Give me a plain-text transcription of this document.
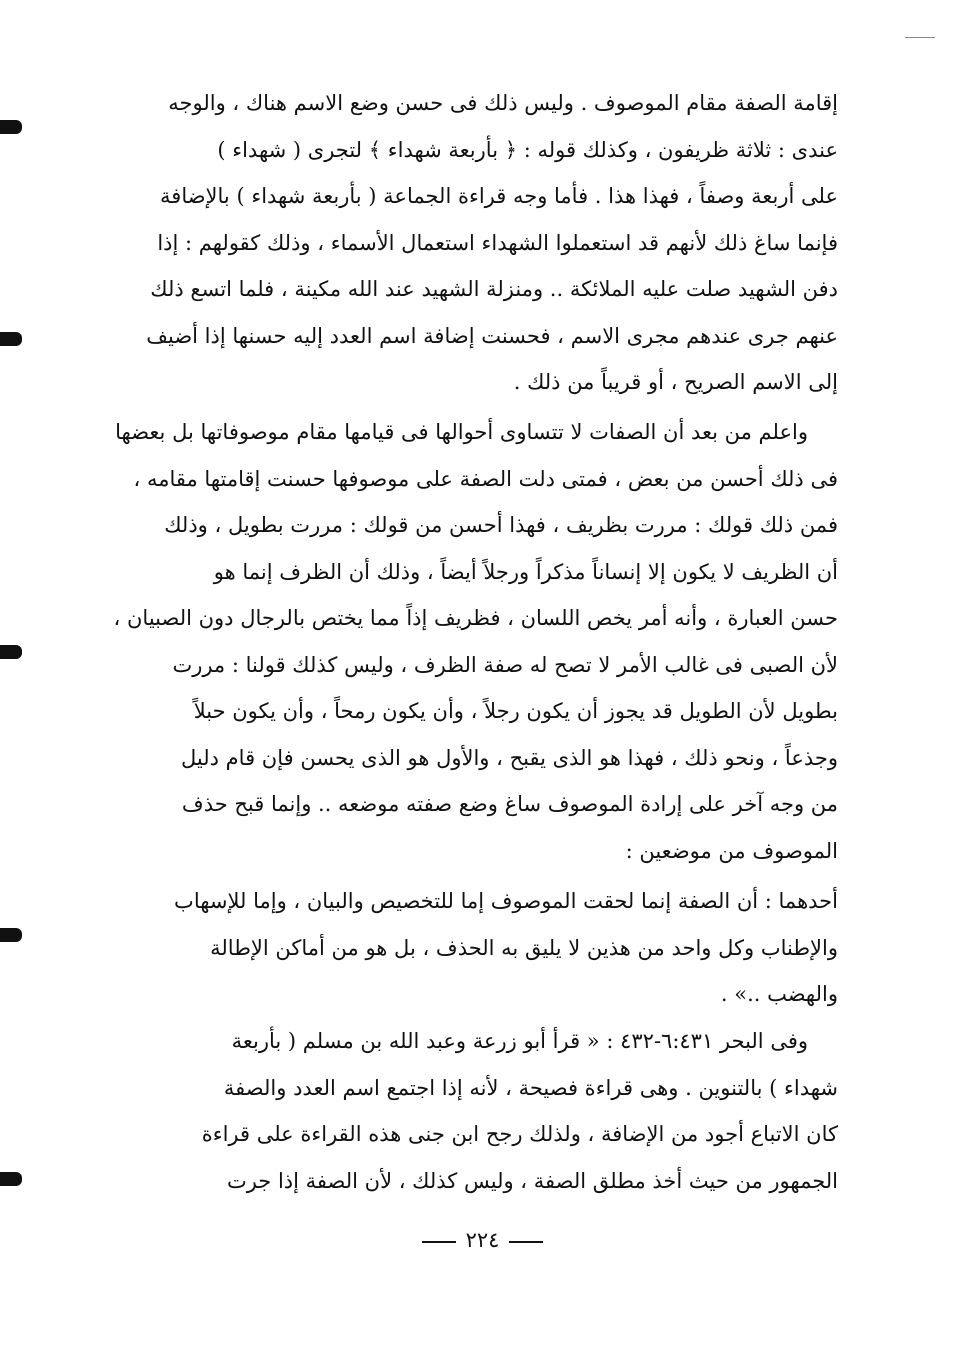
إقامة الصفة مقام الموصوف . وليس ذلك فى حسن وضع الاسم هناك ، والوجه
عندى : ثلاثة ظريفون ، وكذلك قوله : ﴿ بأربعة شهداء ﴾ لتجرى ( شهداء )
على أربعة وصفاً ، فهذا هذا . فأما وجه قراءة الجماعة ( بأربعة شهداء ) بالإضافة
فإنما ساغ ذلك لأنهم قد استعملوا الشهداء استعمال الأسماء ، وذلك كقولهم : إذا
دفن الشهيد صلت عليه الملائكة .. ومنزلة الشهيد عند الله مكينة ، فلما اتسع ذلك
عنهم جرى عندهم مجرى الاسم ، فحسنت إضافة اسم العدد إليه حسنها إذا أضيف
إلى الاسم الصريح ، أو قريباً من ذلك .
واعلم من بعد أن الصفات لا تتساوى أحوالها فى قيامها مقام موصوفاتها بل بعضها
فى ذلك أحسن من بعض ، فمتى دلت الصفة على موصوفها حسنت إقامتها مقامه ،
فمن ذلك قولك : مررت بظريف ، فهذا أحسن من قولك : مررت بطويل ، وذلك
أن الظريف لا يكون إلا إنساناً مذكراً ورجلاً أيضاً ، وذلك أن الظرف إنما هو
حسن العبارة ، وأنه أمر يخص اللسان ، فظريف إذاً مما يختص بالرجال دون الصبيان ،
لأن الصبى فى غالب الأمر لا تصح له صفة الظرف ، وليس كذلك قولنا : مررت
بطويل لأن الطويل قد يجوز أن يكون رجلاً ، وأن يكون رمحاً ، وأن يكون حبلاً
وجذعاً ، ونحو ذلك ، فهذا هو الذى يقبح ، والأول هو الذى يحسن فإن قام دليل
من وجه آخر على إرادة الموصوف ساغ وضع صفته موضعه .. وإنما قبح حذف
الموصوف من موضعين :
أحدهما : أن الصفة إنما لحقت الموصوف إما للتخصيص والبيان ، وإما للإسهاب
والإطناب وكل واحد من هذين لا يليق به الحذف ، بل هو من أماكن الإطالة
والهضب ..» .
وفى البحر ٦:٤٣١-٤٣٢ : « قرأ أبو زرعة وعبد الله بن مسلم ( بأربعة
شهداء ) بالتنوين . وهى قراءة فصيحة ، لأنه إذا اجتمع اسم العدد والصفة
كان الاتباع أجود من الإضافة ، ولذلك رجح ابن جنى هذه القراءة على قراءة
الجمهور من حيث أخذ مطلق الصفة ، وليس كذلك ، لأن الصفة إذا جرت
٢٢٤
